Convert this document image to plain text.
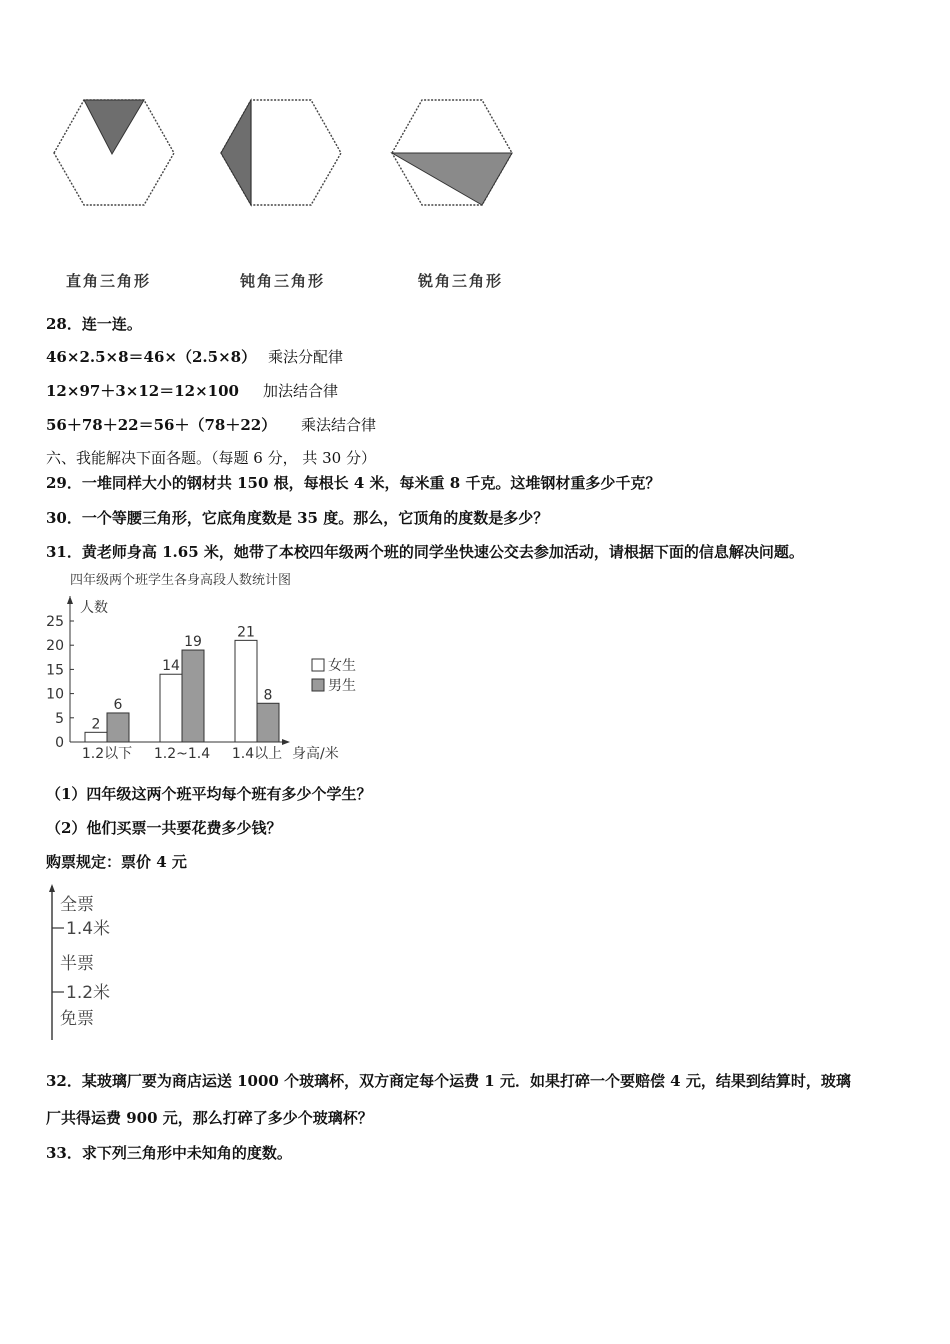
直角三角形	钝角三角形	锐角三角形
28．连一连。
46×2.5×8＝46×（2.5×8） 乘法分配律
12×97＋3×12＝12×100 加法结合律
56＋78＋22＝56＋（78＋22） 乘法结合律
六、我能解决下面各题。（每题 6 分， 共 30 分）
29．一堆同样大小的钢材共 150 根，每根长 4 米，每米重 8 千克。这堆钢材重多少千克？
30．一个等腰三角形，它底角度数是 35 度。那么，它顶角的度数是多少？
31．黄老师身高 1.65 米，她带了本校四年级两个班的同学坐快速公交去参加活动，请根据下面的信息解决问题。
四年级两个班学生各身高段人数统计图
人数
身高/米
0
5
10
15
20
25
2
6
1.2以下
14
19
1.2~1.4
21
8
1.4以上
女生
男生
（1）四年级这两个班平均每个班有多少个学生？
（2）他们买票一共要花费多少钱？
购票规定：票价 4 元
全票
1.4米
半票
1.2米
免票
32．某玻璃厂要为商店运送 1000 个玻璃杯，双方商定每个运费 1 元．如果打碎一个要赔偿 4 元，结果到结算时，玻璃
厂共得运费 900 元，那么打碎了多少个玻璃杯？
33．求下列三角形中未知角的度数。
